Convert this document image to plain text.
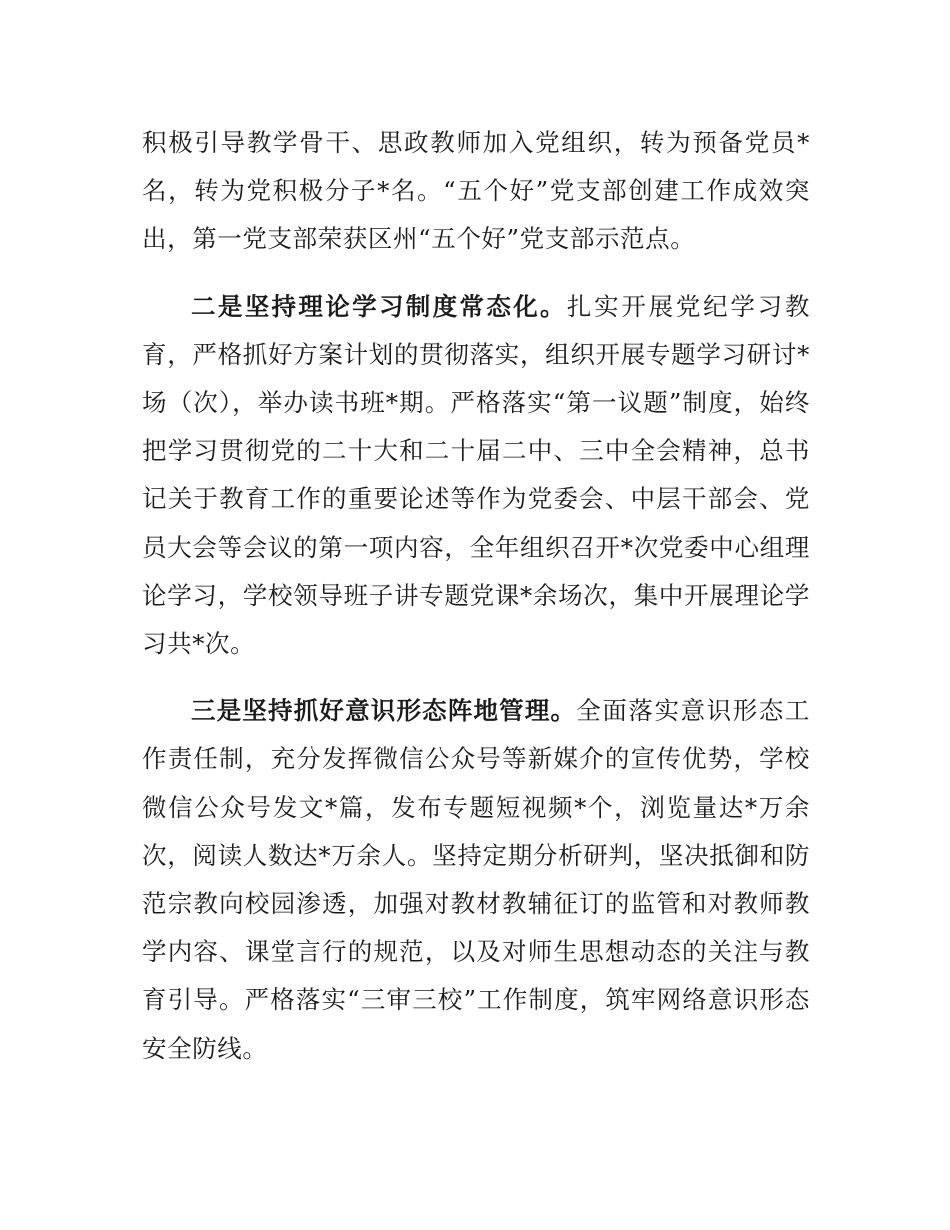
积极引导教学骨干、思政教师加入党组织，转为预备党员*名，转为党积极分子*名。“五个好”党支部创建工作成效突出，第一党支部荣获区州“五个好”党支部示范点。

二是坚持理论学习制度常态化。扎实开展党纪学习教育，严格抓好方案计划的贯彻落实，组织开展专题学习研讨*场（次），举办读书班*期。严格落实“第一议题”制度，始终把学习贯彻党的二十大和二十届二中、三中全会精神，总书记关于教育工作的重要论述等作为党委会、中层干部会、党员大会等会议的第一项内容，全年组织召开*次党委中心组理论学习，学校领导班子讲专题党课*余场次，集中开展理论学习共*次。

三是坚持抓好意识形态阵地管理。全面落实意识形态工作责任制，充分发挥微信公众号等新媒介的宣传优势，学校微信公众号发文*篇，发布专题短视频*个，浏览量达*万余次，阅读人数达*万余人。坚持定期分析研判，坚决抵御和防范宗教向校园渗透，加强对教材教辅征订的监管和对教师教学内容、课堂言行的规范，以及对师生思想动态的关注与教育引导。严格落实“三审三校”工作制度，筑牢网络意识形态安全防线。
